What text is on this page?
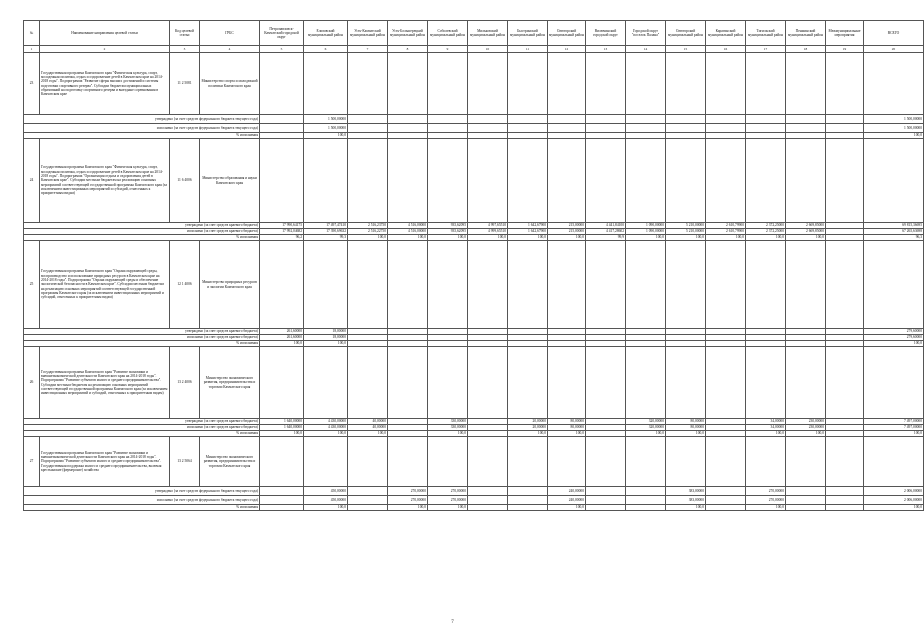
№	Наименование направления целевой статьи	Код целевой статьи	ГРБС	Петропавловск-Камчатский городской округ	Елизовский муниципальный район	Усть-Камчатский муниципальный район	Усть-Большерецкий муниципальный район	Соболевский муниципальный район	Мильковский муниципальный район	Быстринский муниципальный район	Олюторский муниципальный район	Вилючинский городской округ	Городской округ "поселок Палана"	Олюторский муниципальный район	Карагинский муниципальный район	Тигильский муниципальный район	Пенжинский муниципальный район	Межмуниципальные мероприятия	ВСЕГО
1	2	3	4	5	6	7	8	9	10	11	12	13	14	15	16	17	18	19	20
23	Государственная программа Камчатского края "Физическая культура, спорт, молодежная политика, отдых и оздоровление детей в Камчатском крае на 2014-2018 годы". Подпрограмма "Развитие сферы высших достижений и системы подготовки спортивного резерва". Субсидии бюджетам муниципальных образований на подготовку спортивного резерва и выездные соревнования в Камчатском крае	11 2 5081	Министерство спорта и молодежной политики Камчатского края																
утверждено (за счет средств федерального бюджета текущего года)					1 500,00000														1 500,00000
исполнено (за счет средств федерального бюджета текущего года)					1 500,00000														1 500,00000
% исполнения					100,0														100,0
24	Государственная программа Камчатского края "Физическая культура, спорт, молодежная политика, отдых и оздоровление детей в Камчатском крае на 2014-2018 годы". Подпрограмма "Организация отдыха и оздоровления детей в Камчатском крае". Субсидии местным бюджетам на реализацию основных мероприятий соответствующей государственной программы Камчатского края (за исключением инвестиционных мероприятий и субсидий, отнесенных к приоритетным видам)	11 6 4006	Министерство образования и науки Камчатского края																
утверждено (за счет средств краевого бюджета)				17 990,64175	17 497,47410	2 516,23750	4 516,00000	935,62095	4 997,65510	1 642,67900	215,00000	4 441,84100	1 090,00000	5 210,00000	2 610,79900	2 372,25000	2 669,85000		69 815,36695
исполнено (за счет средств краевого бюджета)				17 992,04682	17 390,69632	2 516,22750	4 516,00000	935,62095	4 999,65510	1 642,67900	215,00000	4 417,28602	1 090,00000	5 210,00000	2 610,79900	2 372,25000	2 669,85000		67 265,63698
% исполнения				96,2	99,3	100,0	100,0	100,0	100,0	100,0	100,0	99,9	100,0	100,0	100,0	100,0	100,0		96,3
25	Государственная программа Камчатского края "Охрана окружающей среды, воспроизводство и использование природных ресурсов в Камчатском крае на 2014-2018 годы". Подпрограмма "Охрана окружающей среды и обеспечение экологической безопасности в Камчатском крае". Субсидии местным бюджетам на реализацию основных мероприятий соответствующей государственной программы Камчатского края (за исключением инвестиционных мероприятий и субсидий, отнесенных к приоритетным видам)	12 1 4006	Министерство природных ресурсов и экологии Камчатского края																
утверждено (за счет средств краевого бюджета)				261,60000	18,00000														279,60000
исполнено (за счет средств краевого бюджета)				261,60000	18,00000														279,60000
% исполнения				100,0	100,0														100,0
26	Государственная программа Камчатского края "Развитие экономики и внешнеэкономической деятельности Камчатского края на 2014-2018 годы". Подпрограмма "Развитие субъектов малого и среднего предпринимательства". Субсидии местным бюджетам на реализацию основных мероприятий соответствующей государственной программы Камчатского края (за исключением инвестиционных мероприятий и субсидий, отнесенных к приоритетным видам)	13 2 4006	Министерство экономического развития, предпринимательства и торговли Камчатского края																
утверждено (за счет средств краевого бюджета)				1 640,00000	4 430,00000	40,00000		330,00000		20,00000	80,00000		320,00000	80,00000		34,00000	230,00000		7 497,00000
исполнено (за счет средств краевого бюджета)				1 640,00000	4 430,00000	40,00000		330,00000		20,00000	80,00000		320,00000	80,00000		34,00000	230,00000		7 497,00000
% исполнения				100,0	100,0	100,0		100,0		100,0	100,0		100,0	100,0		100,0	100,0		100,0
27	Государственная программа Камчатского края "Развитие экономики и внешнеэкономической деятельности Камчатского края на 2014-2018 годы". Подпрограмма "Развитие субъектов малого и среднего предпринимательства". Государственная поддержка малого и среднего предпринимательства, включая крестьянские (фермерские) хозяйства	13 2 5064	Министерство экономического развития, предпринимательства и торговли Камчатского края																
утверждено (за счет средств федерального бюджета текущего года)					450,00000		270,00000	270,00000			240,00000			383,00000		270,00000			2 006,00000
исполнено (за счет средств федерального бюджета текущего года)					450,00000		270,00000	270,00000			240,00000			383,00000		270,00000			2 006,00000
% исполнения					100,0		100,0	100,0			100,0			100,0		100,0			100,0
7
